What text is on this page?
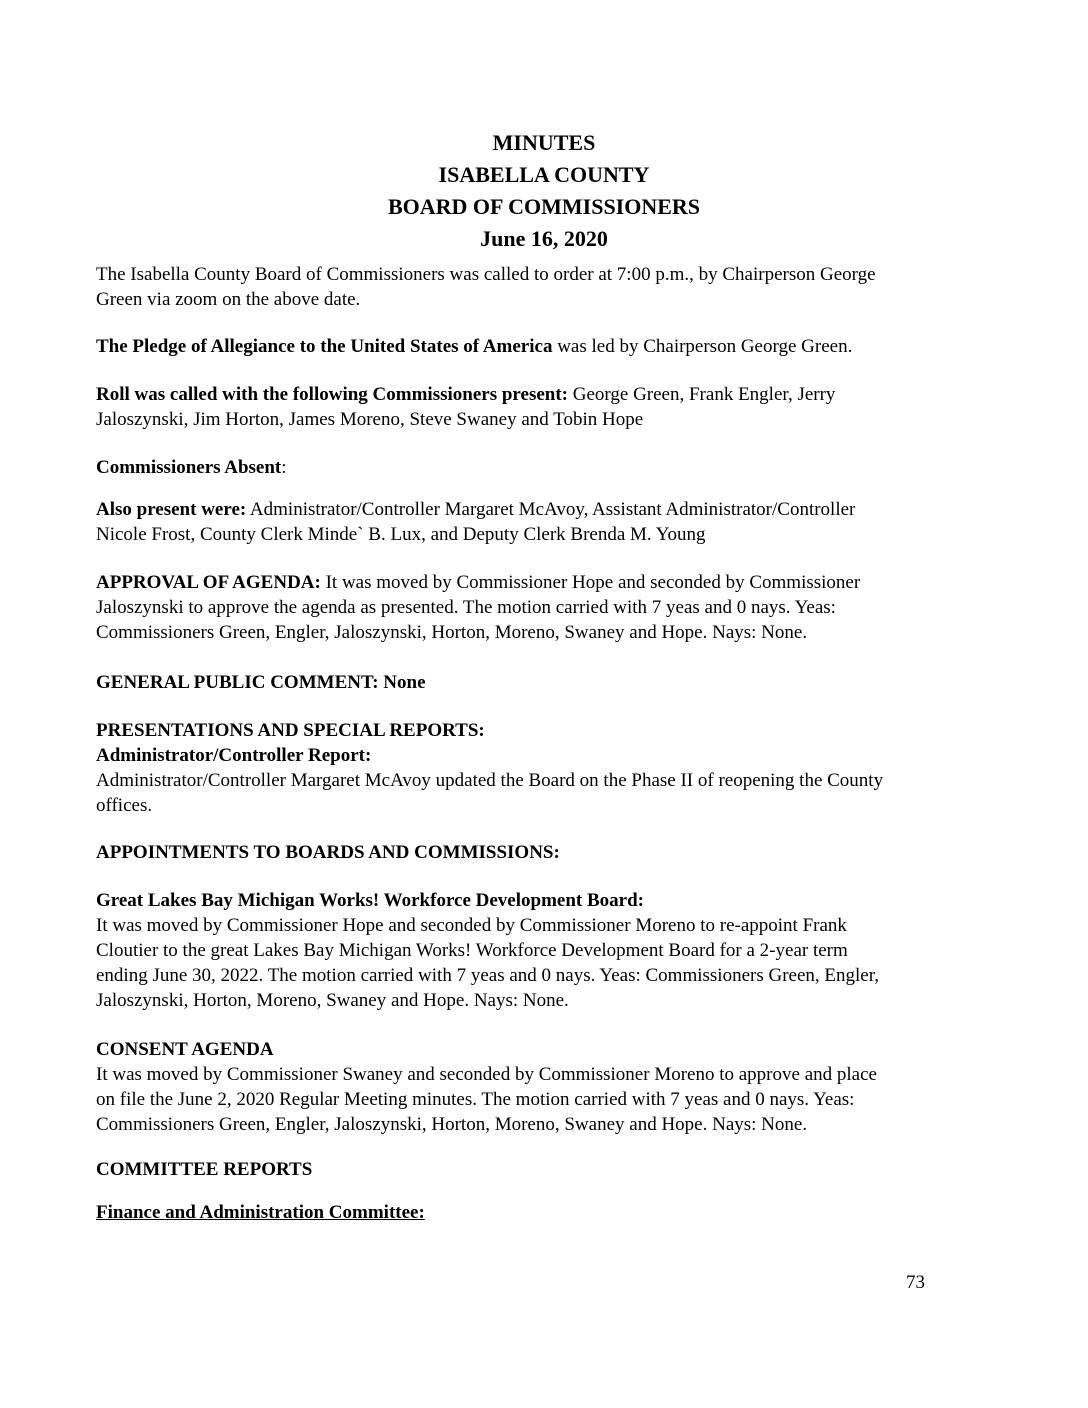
MINUTES
ISABELLA COUNTY
BOARD OF COMMISSIONERS
June 16, 2020
The Isabella County Board of Commissioners was called to order at 7:00 p.m., by Chairperson George
Green via zoom on the above date.
The Pledge of Allegiance to the United States of America was led by Chairperson George Green.
Roll was called with the following Commissioners present: George Green, Frank Engler, Jerry
Jaloszynski, Jim Horton, James Moreno, Steve Swaney and Tobin Hope
Commissioners Absent:
Also present were: Administrator/Controller Margaret McAvoy, Assistant Administrator/Controller
Nicole Frost, County Clerk Minde` B. Lux, and Deputy Clerk Brenda M. Young
APPROVAL OF AGENDA: It was moved by Commissioner Hope and seconded by Commissioner
Jaloszynski to approve the agenda as presented. The motion carried with 7 yeas and 0 nays. Yeas:
Commissioners Green, Engler, Jaloszynski, Horton, Moreno, Swaney and Hope. Nays: None.
GENERAL PUBLIC COMMENT: None
PRESENTATIONS AND SPECIAL REPORTS:
Administrator/Controller Report:
Administrator/Controller Margaret McAvoy updated the Board on the Phase II of reopening the County
offices.
APPOINTMENTS TO BOARDS AND COMMISSIONS:
Great Lakes Bay Michigan Works! Workforce Development Board:
It was moved by Commissioner Hope and seconded by Commissioner Moreno to re-appoint Frank
Cloutier to the great Lakes Bay Michigan Works! Workforce Development Board for a 2-year term
ending June 30, 2022. The motion carried with 7 yeas and 0 nays. Yeas: Commissioners Green, Engler,
Jaloszynski, Horton, Moreno, Swaney and Hope. Nays: None.
CONSENT AGENDA
It was moved by Commissioner Swaney and seconded by Commissioner Moreno to approve and place
on file the June 2, 2020 Regular Meeting minutes. The motion carried with 7 yeas and 0 nays. Yeas:
Commissioners Green, Engler, Jaloszynski, Horton, Moreno, Swaney and Hope. Nays: None.
COMMITTEE REPORTS
Finance and Administration Committee:
73
